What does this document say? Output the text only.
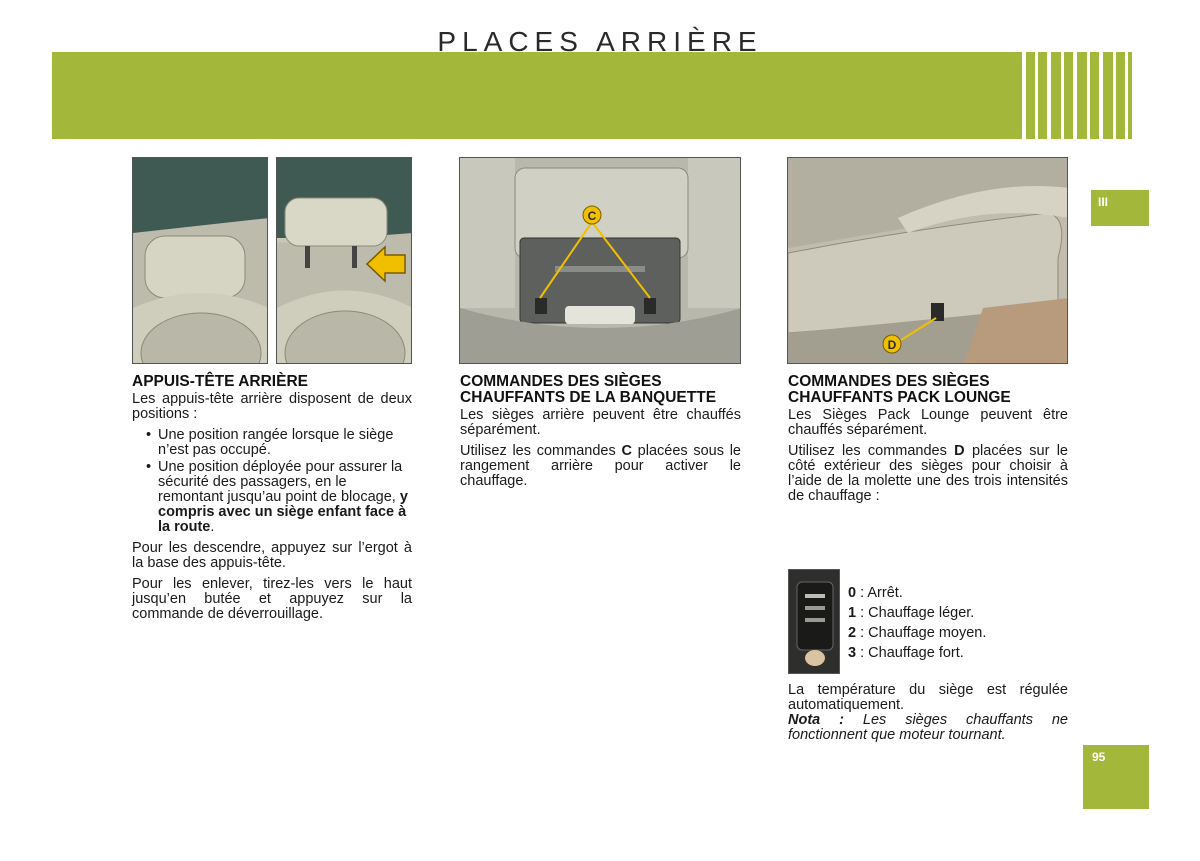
PLACES ARRIÈRE
III
95
C
D
APPUIS-TÊTE ARRIÈRE

Les appuis-tête arrière disposent de deux positions :

• Une position rangée lorsque le siège n’est pas occupé.
• Une position déployée pour assurer la sécurité des passagers, en le remontant jusqu’au point de blocage, y compris avec un siège enfant face à la route.

Pour les descendre, appuyez sur l’ergot à la base des appuis-tête.

Pour les enlever, tirez-les vers le haut jusqu’en butée et appuyez sur la commande de déverrouillage.

COMMANDES DES SIÈGES CHAUFFANTS DE LA BANQUETTE

Les sièges arrière peuvent être chauffés séparément.

Utilisez les commandes C placées sous le rangement arrière pour activer le chauffage.

COMMANDES DES SIÈGES CHAUFFANTS PACK LOUNGE

Les Sièges Pack Lounge peuvent être chauffés séparément.

Utilisez les commandes D placées sur le côté extérieur des sièges pour choisir à l’aide de la molette une des trois intensités de chauffage :

0 : Arrêt.
1 : Chauffage léger.
2 : Chauffage moyen.
3 : Chauffage fort.

La température du siège est régulée automatiquement.

Nota : Les sièges chauffants ne fonctionnent que moteur tournant.
